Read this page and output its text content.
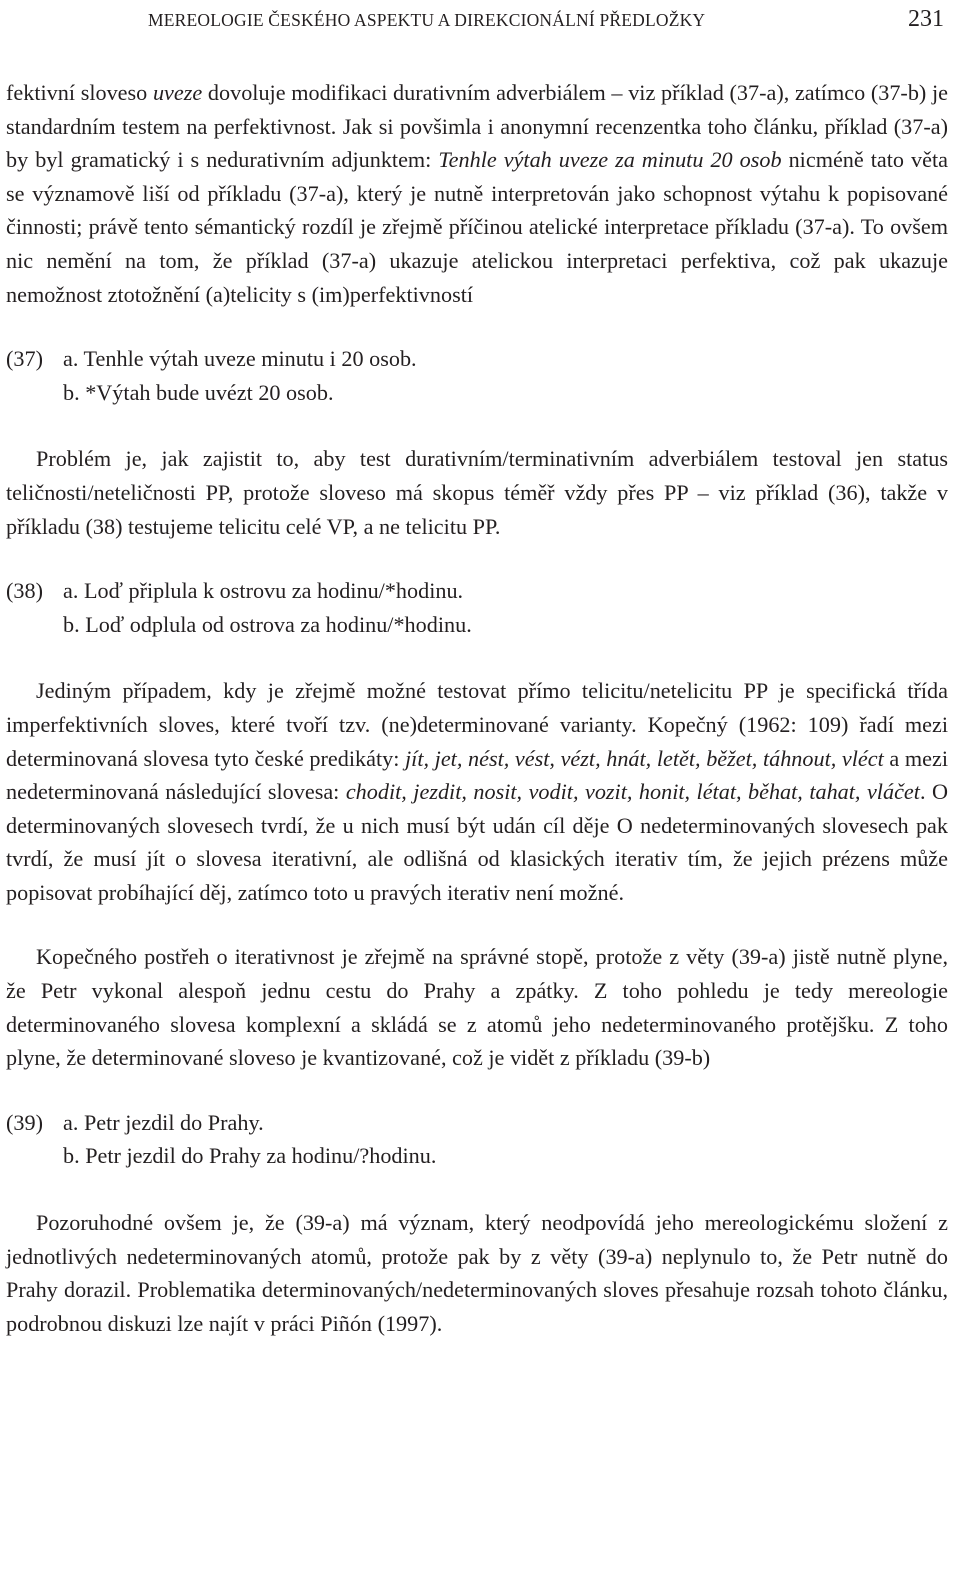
MEREOLOGIE ČESKÉHO ASPEKTU A DIREKCIONÁLNÍ PŘEDLOŽKY	231

fektivní sloveso uveze dovoluje modifikaci durativním adverbiálem – viz příklad (37-a), zatímco (37-b) je standardním testem na perfektivnost. Jak si povšimla i anonymní recenzentka toho článku, příklad (37-a) by byl gramatický i s nedurativním adjunktem: Tenhle výtah uveze za minutu 20 osob nicméně tato věta se významově liší od příkladu (37-a), který je nutně interpretován jako schopnost výtahu k popisované činnosti; právě tento sémantický rozdíl je zřejmě příčinou atelické interpretace příkladu (37-a). To ovšem nic nemění na tom, že příklad (37-a) ukazuje atelickou interpretaci perfektiva, což pak ukazuje nemožnost ztotožnění (a)telicity s (im)perfektivností

(37) a. Tenhle výtah uveze minutu i 20 osob.
b. *Výtah bude uvézt 20 osob.

Problém je, jak zajistit to, aby test durativním/terminativním adverbiálem testoval jen status teličnosti/neteličnosti PP, protože sloveso má skopus téměř vždy přes PP – viz příklad (36), takže v příkladu (38) testujeme telicitu celé VP, a ne telicitu PP.

(38) a. Loď připlula k ostrovu za hodinu/*hodinu.
b. Loď odplula od ostrova za hodinu/*hodinu.

Jediným případem, kdy je zřejmě možné testovat přímo telicitu/netelicitu PP je specifická třída imperfektivních sloves, které tvoří tzv. (ne)determinované varianty. Kopečný (1962: 109) řadí mezi determinovaná slovesa tyto české predikáty: jít, jet, nést, vést, vézt, hnát, letět, běžet, táhnout, vléct a mezi nedeterminovaná následující slovesa: chodit, jezdit, nosit, vodit, vozit, honit, létat, běhat, tahat, vláčet. O determinovaných slovesech tvrdí, že u nich musí být udán cíl děje O nedeterminovaných slovesech pak tvrdí, že musí jít o slovesa iterativní, ale odlišná od klasických iterativ tím, že jejich prézens může popisovat probíhající děj, zatímco toto u pravých iterativ není možné.

Kopečného postřeh o iterativnost je zřejmě na správné stopě, protože z věty (39-a) jistě nutně plyne, že Petr vykonal alespoň jednu cestu do Prahy a zpátky. Z toho pohledu je tedy mereologie determinovaného slovesa komplexní a skládá se z atomů jeho nedeterminovaného protějšku. Z toho plyne, že determinované sloveso je kvantizované, což je vidět z příkladu (39-b)

(39) a. Petr jezdil do Prahy.
b. Petr jezdil do Prahy za hodinu/?hodinu.

Pozoruhodné ovšem je, že (39-a) má význam, který neodpovídá jeho mereologickému složení z jednotlivých nedeterminovaných atomů, protože pak by z věty (39-a) neplynulo to, že Petr nutně do Prahy dorazil. Problematika determinovaných/nedeterminovaných sloves přesahuje rozsah tohoto článku, podrobnou diskuzi lze najít v práci Piñón (1997).
